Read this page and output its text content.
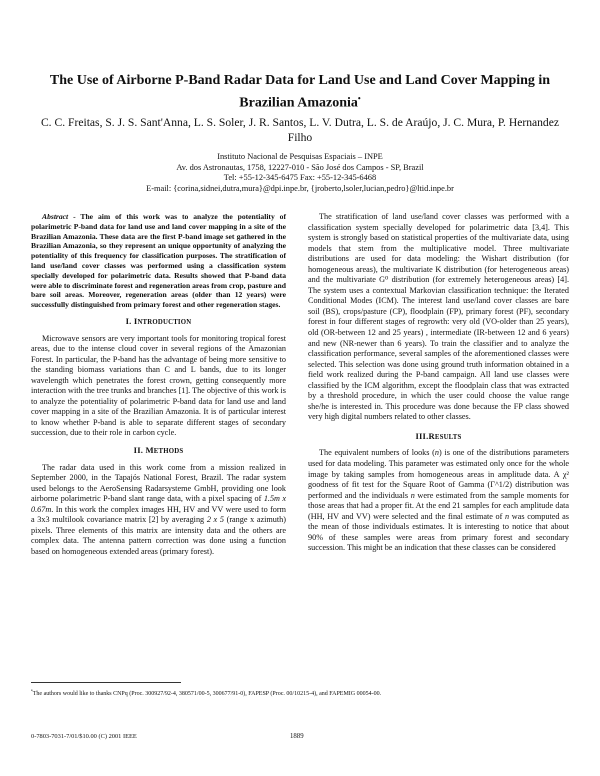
The Use of Airborne P-Band Radar Data for Land Use and Land Cover Mapping in Brazilian Amazonia•
C. C. Freitas, S. J. S. Sant'Anna, L. S. Soler, J. R. Santos, L. V. Dutra, L. S. de Araújo, J. C. Mura, P. Hernandez Filho
Instituto Nacional de Pesquisas Espaciais – INPE
Av. dos Astronautas, 1758, 12227-010 - São José dos Campos - SP, Brazil
Tel: +55-12-345-6475 Fax: +55-12-345-6468
E-mail: {corina,sidnei,dutra,mura}@dpi.inpe.br, {jroberto,lsoler,lucian,pedro}@ltid.inpe.br

Abstract - The aim of this work was to analyze the potentiality of polarimetric P-band data for land use and land cover mapping in a site of the Brazilian Amazonia. These data are the first P-band image set gathered in the Brazilian Amazonia, so they represent an unique opportunity of analyzing the potentiality of this frequency for classification purposes. The stratification of land use/land cover classes was performed using a classification system specially developed for polarimetric data. Results showed that P-band data were able to discriminate forest and regeneration areas from crop, pasture and bare soil areas. Moreover, regeneration areas (older than 12 years) were successfully distinguished from primary forest and other regeneration stages.

I. INTRODUCTION

Microwave sensors are very important tools for monitoring tropical forest areas, due to the intense cloud cover in several regions of the Amazonian Forest. In particular, the P-band has the advantage of being more sensitive to the standing biomass variations than C and L bands, due to its longer wavelength which penetrates the forest crown, getting consequently more interaction with the tree trunks and branches [1]. The objective of this work is to analyze the potentiality of polarimetric P-band data for land use and land cover mapping in a site of the Brazilian Amazonia. It is of particular interest to know whether P-band is able to separate different stages of secondary succession, due to their role in carbon cycle.

II. METHODS

The radar data used in this work come from a mission realized in September 2000, in the Tapajós National Forest, Brazil. The radar system used belongs to the AeroSensing Radarsysteme GmbH, providing one look airborne polarimetric P-band slant range data, with a pixel spacing of 1.5m x 0.67m. In this work the complex images HH, HV and VV were used to form a 3x3 multilook covariance matrix [2] by averaging 2 x 5 (range x azimuth) pixels. Three elements of this matrix are intensity data and the others are complex data. The antenna pattern correction was done using a function based on homogeneous extended areas (primary forest).

The stratification of land use/land cover classes was performed with a classification system specially developed for polarimetric data [3,4]. This system is strongly based on statistical properties of the multivariate data, using models that stem from the multiplicative model. Three multivariate distributions are used for data modeling: the Wishart distribution (for homogeneous areas), the multivariate K distribution (for heterogeneous areas) and the multivariate G⁰ distribution (for extremely heterogeneous areas) [4]. The system uses a contextual Markovian classification technique: the Iterated Conditional Modes (ICM). The interest land use/land cover classes are bare soil (BS), crops/pasture (CP), floodplain (FP), primary forest (PF), secondary forest in four different stages of regrowth: very old (VO-older than 25 years), old (OR-between 12 and 25 years) , intermediate (IR-between 12 and 6 years) and new (NR-newer than 6 years). To train the classifier and to analyze the classification performance, several samples of the aforementioned classes were selected. This selection was done using ground truth information obtained in a field work realized during the P-band campaign. All land use classes were classified by the ICM algorithm, except the floodplain class that was extracted by a threshold procedure, in which the user could choose the value range she/he is interested in. This procedure was done because the FP class showed very high digital numbers related to other classes.

III.RESULTS

The equivalent numbers of looks (n) is one of the distributions parameters used for data modeling. This parameter was estimated only once for the whole image by taking samples from homogeneous areas in amplitude data. A χ² goodness of fit test for the Square Root of Gamma (Γ^1/2) distribution was performed and the individuals n were estimated from the sample moments for those areas that had a proper fit. At the end 21 samples for each amplitude data (HH, HV and VV) were selected and the final estimate of n was computed as the mean of those individuals estimates. It is interesting to notice that about 90% of these samples were areas from primary forest and secondary succession. This might be an indication that these classes can be considered

•The authors would like to thanks CNPq (Proc. 300927/92-4, 380571/00-5, 300677/91-0), FAPESP (Proc. 00/10215-4), and FAPEMIG 00054-00.
0-7803-7031-7/01/$10.00 (C) 2001 IEEE	1889
